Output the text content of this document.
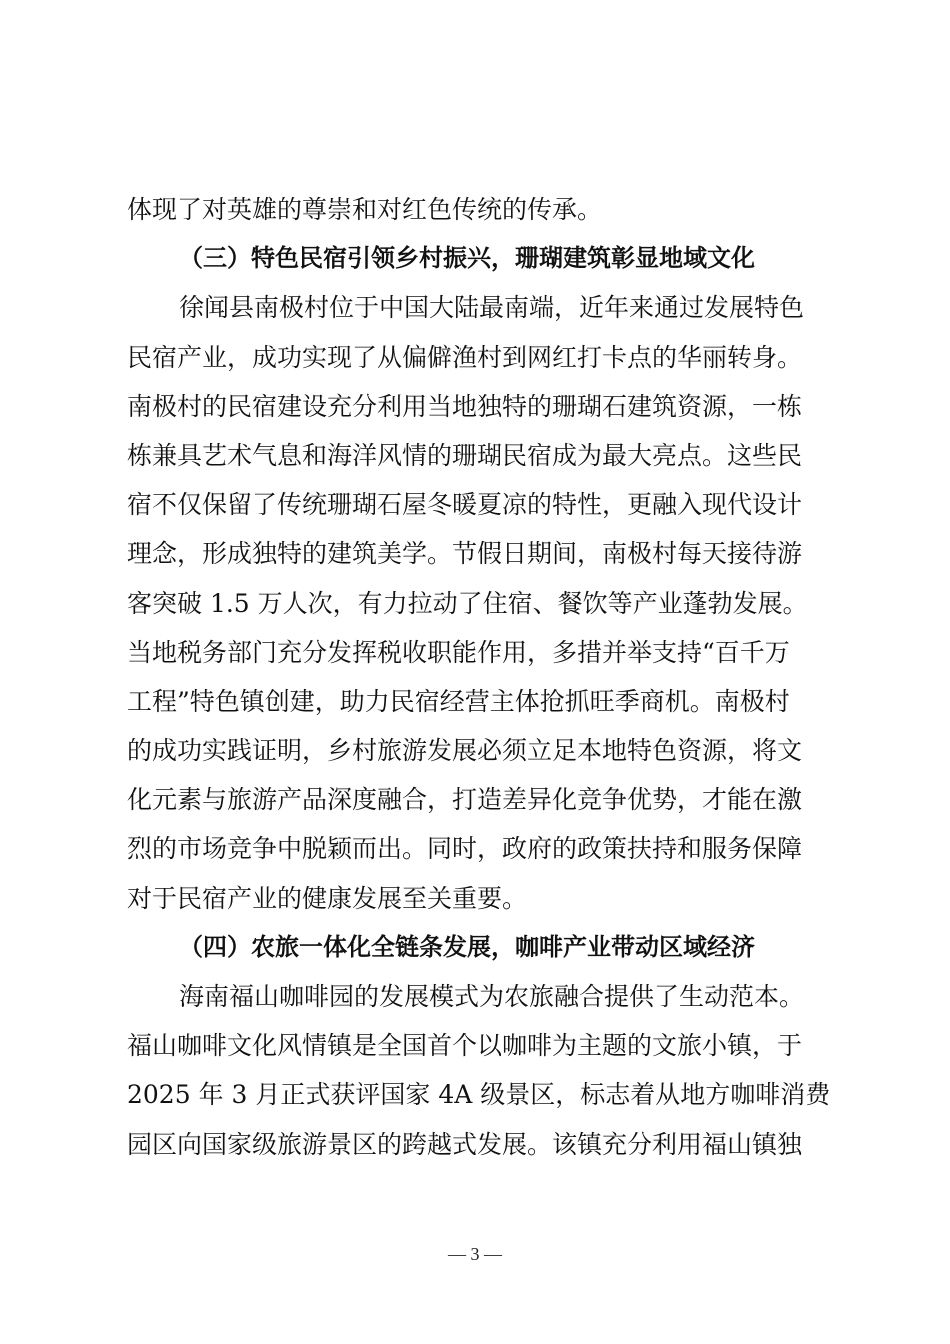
体现了对英雄的尊崇和对红色传统的传承。
（三）特色民宿引领乡村振兴，珊瑚建筑彰显地域文化
徐闻县南极村位于中国大陆最南端，近年来通过发展特色
民宿产业，成功实现了从偏僻渔村到网红打卡点的华丽转身。
南极村的民宿建设充分利用当地独特的珊瑚石建筑资源，一栋
栋兼具艺术气息和海洋风情的珊瑚民宿成为最大亮点。这些民
宿不仅保留了传统珊瑚石屋冬暖夏凉的特性，更融入现代设计
理念，形成独特的建筑美学。节假日期间，南极村每天接待游
客突破 1.5 万人次，有力拉动了住宿、餐饮等产业蓬勃发展。
当地税务部门充分发挥税收职能作用，多措并举支持“百千万
工程”特色镇创建，助力民宿经营主体抢抓旺季商机。南极村
的成功实践证明，乡村旅游发展必须立足本地特色资源，将文
化元素与旅游产品深度融合，打造差异化竞争优势，才能在激
烈的市场竞争中脱颖而出。同时，政府的政策扶持和服务保障
对于民宿产业的健康发展至关重要。
（四）农旅一体化全链条发展，咖啡产业带动区域经济
海南福山咖啡园的发展模式为农旅融合提供了生动范本。
福山咖啡文化风情镇是全国首个以咖啡为主题的文旅小镇，于
2025 年 3 月正式获评国家 4A 级景区，标志着从地方咖啡消费
园区向国家级旅游景区的跨越式发展。该镇充分利用福山镇独
— 3 —
